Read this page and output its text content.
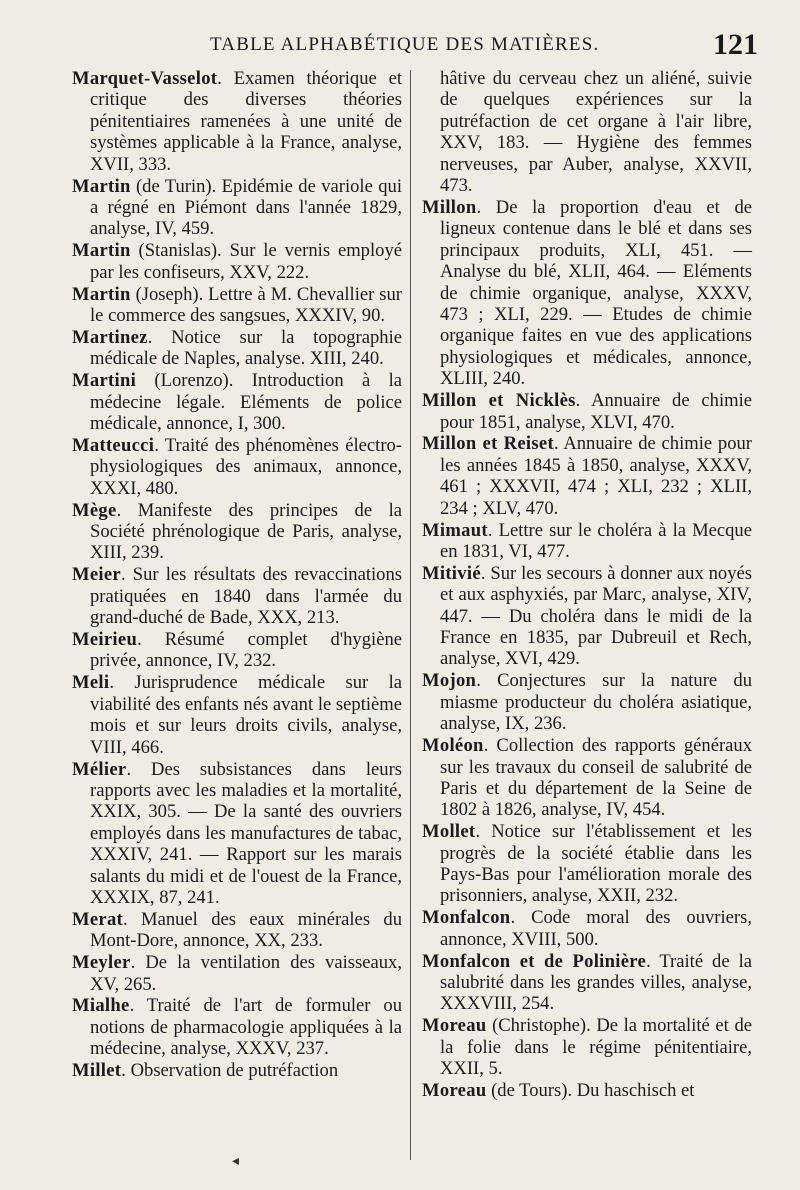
TABLE ALPHABÉTIQUE DES MATIÈRES.	121

Marquet-Vasselot. Examen théorique et critique des diverses théories pénitentiaires ramenées à une unité de systèmes applicable à la France, analyse, XVII, 333.

Martin (de Turin). Epidémie de variole qui a régné en Piémont dans l'année 1829, analyse, IV, 459.

Martin (Stanislas). Sur le vernis employé par les confiseurs, XXV, 222.

Martin (Joseph). Lettre à M. Chevallier sur le commerce des sangsues, XXXIV, 90.

Martinez. Notice sur la topographie médicale de Naples, analyse. XIII, 240.

Martini (Lorenzo). Introduction à la médecine légale. Eléments de police médicale, annonce, I, 300.

Matteucci. Traité des phénomènes électro-physiologiques des animaux, annonce, XXXI, 480.

Mège. Manifeste des principes de la Société phrénologique de Paris, analyse, XIII, 239.

Meier. Sur les résultats des revaccinations pratiquées en 1840 dans l'armée du grand-duché de Bade, XXX, 213.

Meirieu. Résumé complet d'hygiène privée, annonce, IV, 232.

Meli. Jurisprudence médicale sur la viabilité des enfants nés avant le septième mois et sur leurs droits civils, analyse, VIII, 466.

Mélier. Des subsistances dans leurs rapports avec les maladies et la mortalité, XXIX, 305. — De la santé des ouvriers employés dans les manufactures de tabac, XXXIV, 241. — Rapport sur les marais salants du midi et de l'ouest de la France, XXXIX, 87, 241.

Merat. Manuel des eaux minérales du Mont-Dore, annonce, XX, 233.

Meyler. De la ventilation des vaisseaux, XV, 265.

Mialhe. Traité de l'art de formuler ou notions de pharmacologie appliquées à la médecine, analyse, XXXV, 237.

Millet. Observation de putréfaction

hâtive du cerveau chez un aliéné, suivie de quelques expériences sur la putréfaction de cet organe à l'air libre, XXV, 183. — Hygiène des femmes nerveuses, par Auber, analyse, XXVII, 473.

Millon. De la proportion d'eau et de ligneux contenue dans le blé et dans ses principaux produits, XLI, 451. — Analyse du blé, XLII, 464. — Eléments de chimie organique, analyse, XXXV, 473 ; XLI, 229. — Etudes de chimie organique faites en vue des applications physiologiques et médicales, annonce, XLIII, 240.

Millon et Nicklès. Annuaire de chimie pour 1851, analyse, XLVI, 470.

Millon et Reiset. Annuaire de chimie pour les années 1845 à 1850, analyse, XXXV, 461 ; XXXVII, 474 ; XLI, 232 ; XLII, 234 ; XLV, 470.

Mimaut. Lettre sur le choléra à la Mecque en 1831, VI, 477.

Mitivié. Sur les secours à donner aux noyés et aux asphyxiés, par Marc, analyse, XIV, 447. — Du choléra dans le midi de la France en 1835, par Dubreuil et Rech, analyse, XVI, 429.

Mojon. Conjectures sur la nature du miasme producteur du choléra asiatique, analyse, IX, 236.

Moléon. Collection des rapports généraux sur les travaux du conseil de salubrité de Paris et du département de la Seine de 1802 à 1826, analyse, IV, 454.

Mollet. Notice sur l'établissement et les progrès de la société établie dans les Pays-Bas pour l'amélioration morale des prisonniers, analyse, XXII, 232.

Monfalcon. Code moral des ouvriers, annonce, XVIII, 500.

Monfalcon et de Polinière. Traité de la salubrité dans les grandes villes, analyse, XXXVIII, 254.

Moreau (Christophe). De la mortalité et de la folie dans le régime pénitentiaire, XXII, 5.

Moreau (de Tours). Du haschisch et

◂
